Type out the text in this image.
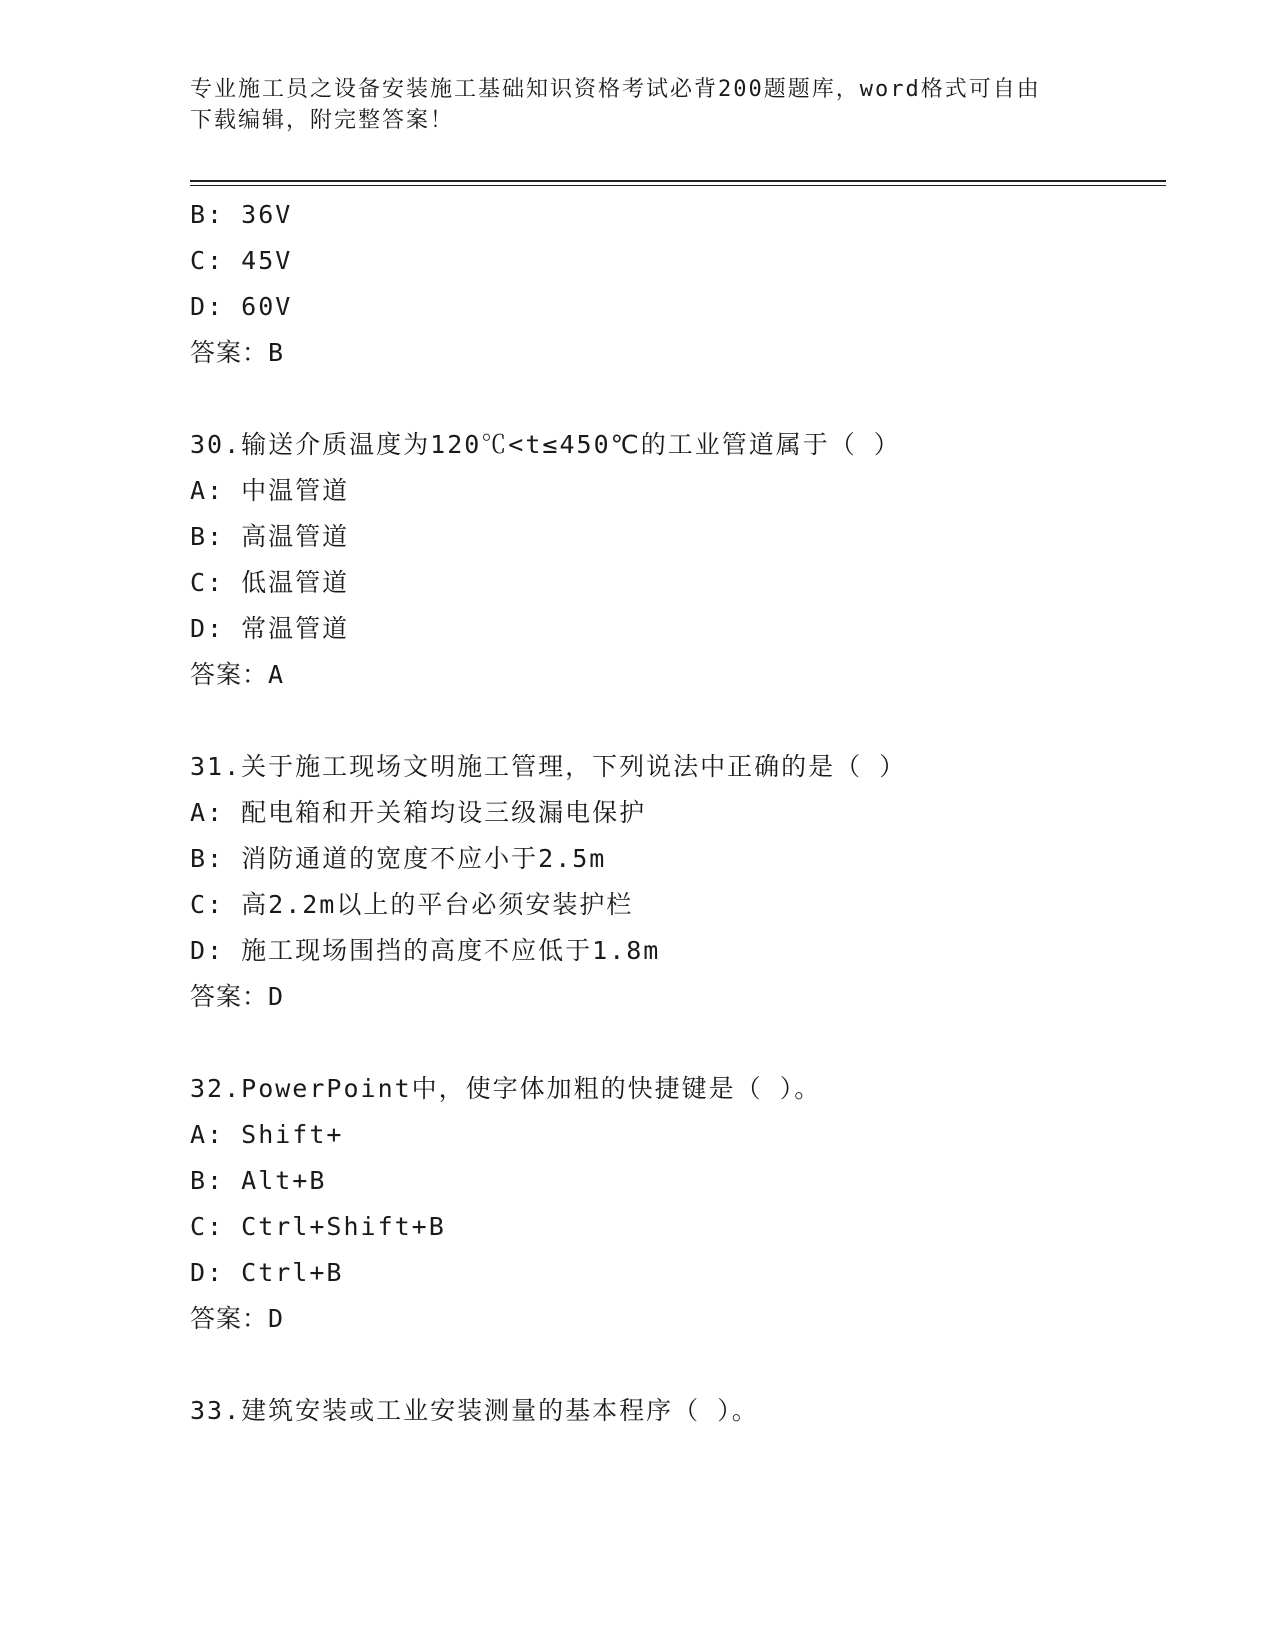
专业施工员之设备安装施工基础知识资格考试必背200题题库，word格式可自由
下载编辑，附完整答案！
B: 36V
C: 45V
D: 60V
答案：B
30.输送介质温度为120℃<t≤450℃的工业管道属于（ ）
A: 中温管道
B: 高温管道
C: 低温管道
D: 常温管道
答案：A
31.关于施工现场文明施工管理，下列说法中正确的是（ ）
A: 配电箱和开关箱均设三级漏电保护
B: 消防通道的宽度不应小于2.5m
C: 高2.2m以上的平台必须安装护栏
D: 施工现场围挡的高度不应低于1.8m
答案：D
32.PowerPoint中，使字体加粗的快捷键是（ ）。
A: Shift+
B: Alt+B
C: Ctrl+Shift+B
D: Ctrl+B
答案：D
33.建筑安装或工业安装测量的基本程序（ ）。
